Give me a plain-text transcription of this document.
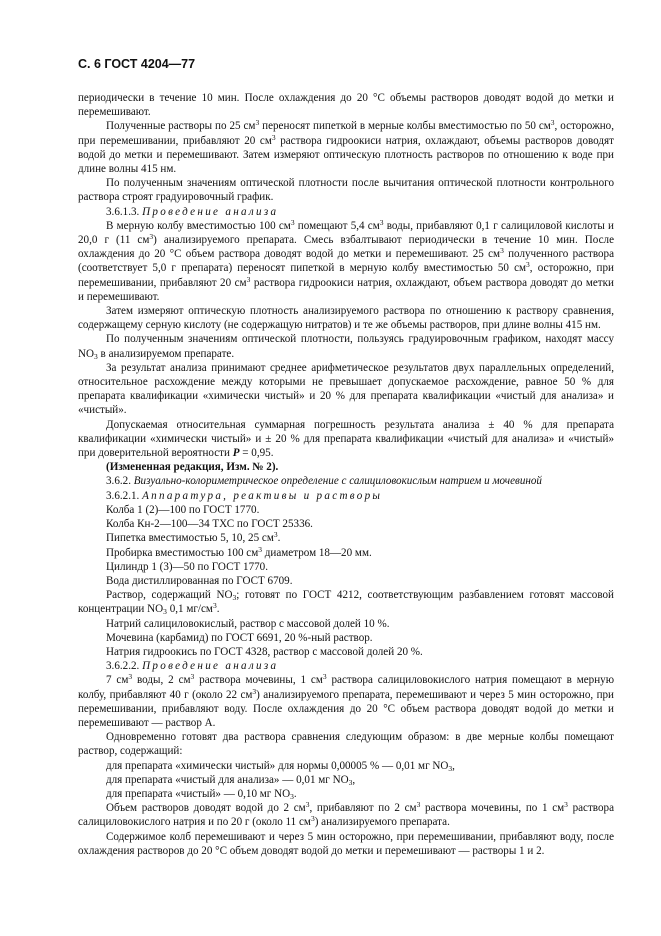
С. 6 ГОСТ 4204—77

периодически в течение 10 мин. После охлаждения до 20 °С объемы растворов доводят водой до метки и перемешивают.

Полученные растворы по 25 $см^3$ переносят пипеткой в мерные колбы вместимостью по 50 $см^3$, осторожно, при перемешивании, прибавляют 20 $см^3$ раствора гидроокиси натрия, охлаждают, объемы растворов доводят водой до метки и перемешивают. Затем измеряют оптическую плотность растворов по отношению к воде при длине волны 415 нм.

По полученным значениям оптической плотности после вычитания оптической плотности контрольного раствора строят градуировочный график.

3.6.1.3. Проведение анализа

В мерную колбу вместимостью 100 $см^3$ помещают 5,4 $см^3$ воды, прибавляют 0,1 г салициловой кислоты и 20,0 г (11 $см^3$) анализируемого препарата. Смесь взбалтывают периодически в течение 10 мин. После охлаждения до 20 °С объем раствора доводят водой до метки и перемешивают. 25 $см^3$ полученного раствора (соответствует 5,0 г препарата) переносят пипеткой в мерную колбу вместимостью 50 $см^3$, осторожно, при перемешивании, прибавляют 20 $см^3$ раствора гидроокиси натрия, охлаждают, объем раствора доводят до метки и перемешивают.

Затем измеряют оптическую плотность анализируемого раствора по отношению к раствору сравнения, содержащему серную кислоту (не содержащую нитратов) и те же объемы растворов, при длине волны 415 нм.

По полученным значениям оптической плотности, пользуясь градуировочным графиком, находят массу $NO_3$ в анализируемом препарате.

За результат анализа принимают среднее арифметическое результатов двух параллельных определений, относительное расхождение между которыми не превышает допускаемое расхождение, равное 50 % для препарата квалификации «химически чистый» и 20 % для препарата квалификации «чистый для анализа» и «чистый».

Допускаемая относительная суммарная погрешность результата анализа ± 40 % для препарата квалификации «химически чистый» и ± 20 % для препарата квалификации «чистый для анализа» и «чистый» при доверительной вероятности P = 0,95.

(Измененная редакция, Изм. № 2).

3.6.2. Визуально-колориметрическое определение с салициловокислым натрием и мочевиной

3.6.2.1. Аппаратура, реактивы и растворы

Колба 1 (2)—100 по ГОСТ 1770.

Колба Кн-2—100—34 ТХС по ГОСТ 25336.

Пипетка вместимостью 5, 10, 25 $см^3$.

Пробирка вместимостью 100 $см^3$ диаметром 18—20 мм.

Цилиндр 1 (3)—50 по ГОСТ 1770.

Вода дистиллированная по ГОСТ 6709.

Раствор, содержащий $NO_3$; готовят по ГОСТ 4212, соответствующим разбавлением готовят массовой концентрации $NO_3$ 0,1 $мг/см^3$.

Натрий салициловокислый, раствор с массовой долей 10 %.

Мочевина (карбамид) по ГОСТ 6691, 20 %-ный раствор.

Натрия гидроокись по ГОСТ 4328, раствор с массовой долей 20 %.

3.6.2.2. Проведение анализа

7 $см^3$ воды, 2 $см^3$ раствора мочевины, 1 $см^3$ раствора салициловокислого натрия помещают в мерную колбу, прибавляют 40 г (около 22 $см^3$) анализируемого препарата, перемешивают и через 5 мин осторожно, при перемешивании, прибавляют воду. После охлаждения до 20 °С объем раствора доводят водой до метки и перемешивают — раствор А.

Одновременно готовят два раствора сравнения следующим образом: в две мерные колбы помещают раствор, содержащий:

для препарата «химически чистый» для нормы 0,00005 % — 0,01 мг $NO_3$,

для препарата «чистый для анализа» — 0,01 мг $NO_3$,

для препарата «чистый» — 0,10 мг $NO_3$.

Объем растворов доводят водой до 2 $см^3$, прибавляют по 2 $см^3$ раствора мочевины, по 1 $см^3$ раствора салициловокислого натрия и по 20 г (около 11 $см^3$) анализируемого препарата.

Содержимое колб перемешивают и через 5 мин осторожно, при перемешивании, прибавляют воду, после охлаждения растворов до 20 °С объем доводят водой до метки и перемешивают — растворы 1 и 2.
